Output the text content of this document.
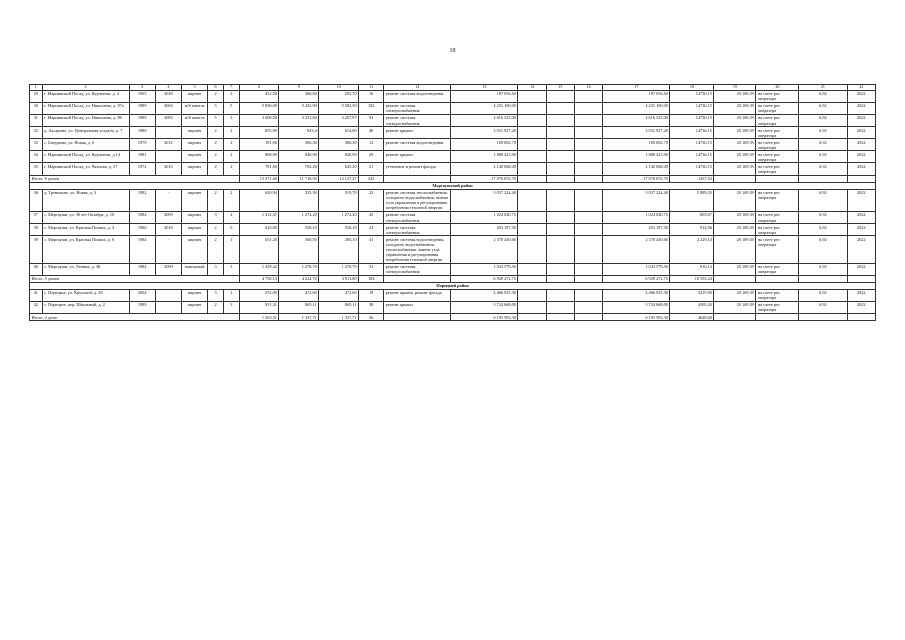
18
1	2	3	4	5	6	7	8	9	10	11	12	13	14	15	16	17	18	19	20	21	22
29	г. Мариинский Посад, ул. Курчатова, д. 4	1965	2018	кирпич	2	2	452,00	366,60	283,70	16	ремонт системы водоотведения	187 056,60				187 056,60	14736,15	20 169,39	на счете рег. оператора	6,92	2022
30	г. Мариинский Посад, ул. Николаева, д. 87а	1989	2004	ж/б панель	5	5	5 836,00	5 432,90	5 382,50	102	ремонт системы электроснабжения	4 231 100,00				4 231 100,00	14736,15	20 169,39	на счете рег. оператора	6,92	2022
31	г. Мариинский Посад, ул. Николаева, д. 89	1989	2005	ж/б панель	5	3	3 609,00	3 251,60	3 207,97	92	ремонт системы электроснабжения	2 616 525,00				2 616 525,00	14736,15	20 169,39	на счете рег. оператора	6,92	2022
32	д. Аксарино, ул. Центральная усадьба, д. 7	1986		кирпич	2	2	855,90	843,4	614,60	40	ремонт крыши	3 031 927,20				3 031 927,20	14736,15	20 169,39	на счете рег. оператора	6,92	2022
33	с. Бичурино, ул. Новая, д. 6	1979	2012	кирпич	2	2	391,90	366,30	366,30	12	ремонт системы водоотведения	169 692,70				169 692,70	14736,15	20 169,39	на счете рег. оператора	6,92	2022
34	г. Мариинский Посад, ул. Курчатова, д.14	1981		кирпич	2	2	868,90	840,90	840,90	29	ремонт крыши	1 888 425,00				1 888 425,00	14736,15	20 169,39	на счете рег. оператора	6,92	2022
35	г. Мариинский Посад, ул. Чкалова, д. 37	1972	2010	кирпич	2	2	781,60	702,20	645,20	21	утепление и ремонт фасада	2 140 068,00				2 140 068,00	14736,15	20 169,39	на счете рег. оператора	6,92	2022
Итого: 8 домов							13 571,60	11 718,50	12 127,27	345		17 076 876,70				17 076 876,70	1457,63				
Моргаушский район																					
36	д. Тренькино, ул. Новая, д. 3	1982	-	кирпич	2	2	629,94	535,30	519,70	22	ремонт системы теплоснабжения, холодного водоснабжения, замена узла управления и регулирования потребления тепловой энергии	3 037 224,40				3 037 224,40	5 889,35	20 169,39	на счете рег. оператора	6,92	2022
37	с. Моргауши, ул. 30 лет Октября, д. 10	1984	2009	кирпич	3	2	1 412,47	1 274,20	1 274,20	45	ремонт системы электроснабжения	1 024 040,75				1 024 040,75	803,67	20 169,39	на счете рег. оператора	6,92	2022
38	с. Моргауши, ул. Красная Поляна, д. 4	1980	2018	кирпич	2	0	625,00	556,10	556,10	23	ремонт системы электроснабжения	453 197,50				453 197,50	814,96	20 169,39	на счете рег. оператора	6,92	2022
39	с. Моргауши, ул. Красная Поляна, д. 6	1984	-	кирпич	2	1	651,20	560,50	283,10	41	ремонт системы водоотведения, холодного водоснабжения, теплоснабжения, замена узла управления и регулирования потребления тепловой энергии	2 370 430,60				2 370 430,60	4 229,14	20 169,39	на счете рег. оператора	6,92	2022
40	с. Моргауши, ул. Ленина, д. 38	1984	2009	панельный	3	3	1 439,42	1 278,70	1 278,70	53	ремонт системы электроснабжения	1 043 579,50				1 043 579,50	816,13	20 169,39	на счете рег. оператора	6,92	2022
Итого: 5 домов							4 758,13	4 224,70	3 911,80	184		6 928 472,75				6 928 472,75	10 553,24				
Порецкий район																					
41	с. Порецкое, ул. Крупской, д. 28	2004		кирпич	3	1	552,00	472,60	472,60	18	ремонт крыши, ремонт фасада	2 466 925,30				2 466 925,30	5219,90	20 169,39	на счете рег. оператора	6,92	2022
42	с. Порецкое, пер. Школьный, д. 2	1989		кирпич	2	3	951,31	865,11	865,11	38	ремонт крыши	3 724 668,00				3 724 668,00	4305,43	20 169,39	на счете рег. оператора	6,92	2022
Итого: 2 дома							1 503,31	1 337,71	1 337,71	56		6 191 593,30				6 191 593,30	4628,60				
